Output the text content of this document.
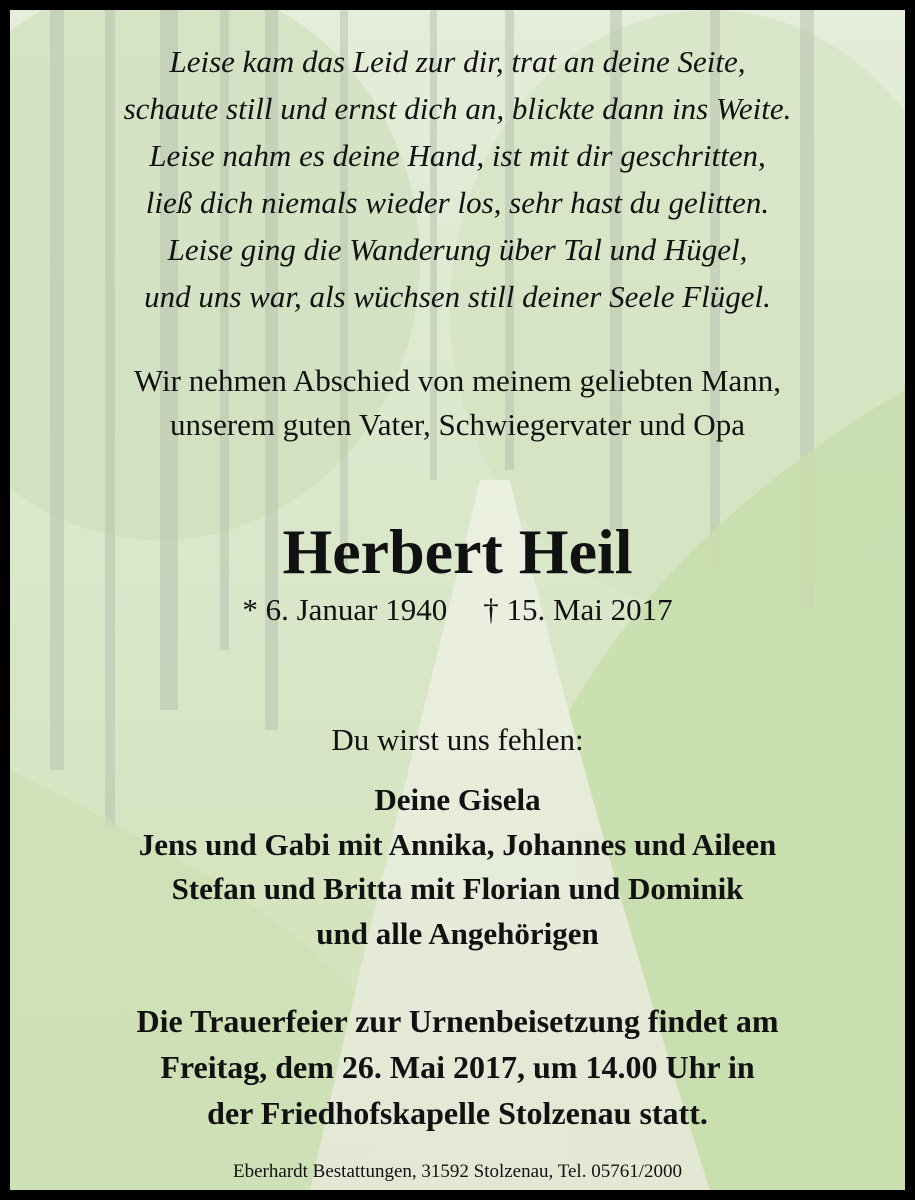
Leise kam das Leid zur dir, trat an deine Seite,
schaute still und ernst dich an, blickte dann ins Weite.
Leise nahm es deine Hand, ist mit dir geschritten,
ließ dich niemals wieder los, sehr hast du gelitten.
Leise ging die Wanderung über Tal und Hügel,
und uns war, als wüchsen still deiner Seele Flügel.
Wir nehmen Abschied von meinem geliebten Mann,
unserem guten Vater, Schwiegervater und Opa
Herbert Heil
* 6. Januar 1940 † 15. Mai 2017
Du wirst uns fehlen:
Deine Gisela
Jens und Gabi mit Annika, Johannes und Aileen
Stefan und Britta mit Florian und Dominik
und alle Angehörigen
Die Trauerfeier zur Urnenbeisetzung findet am
Freitag, dem 26. Mai 2017, um 14.00 Uhr in
der Friedhofskapelle Stolzenau statt.
Eberhardt Bestattungen, 31592 Stolzenau, Tel. 05761/2000
